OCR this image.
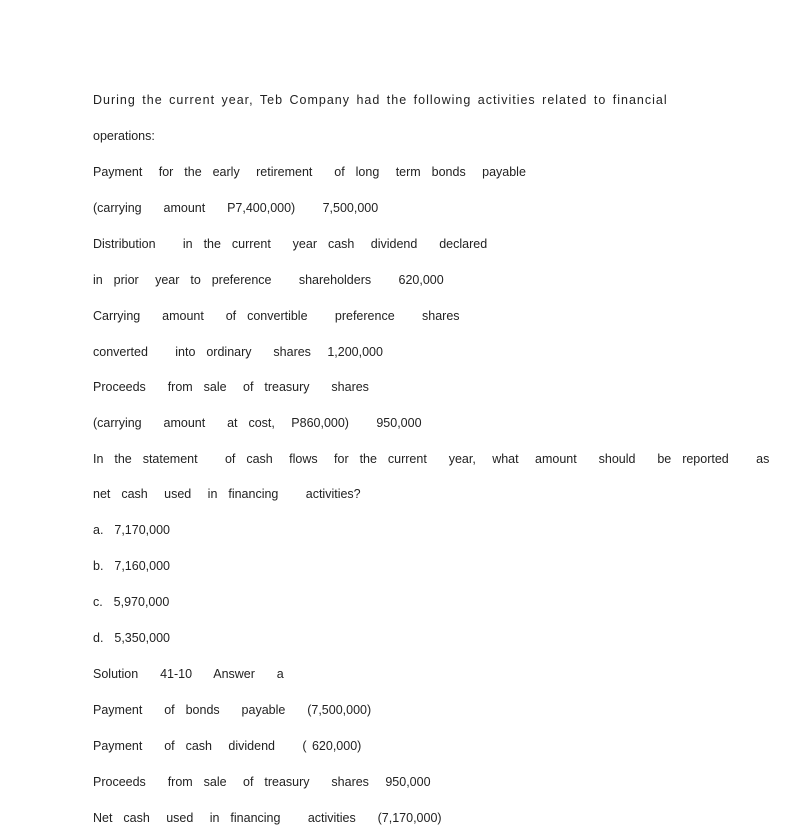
During the current year, Teb Company had the following activities related to financial
operations:
Payment   for  the  early   retirement    of  long   term  bonds   payable
(carrying    amount    P7,400,000)     7,500,000
Distribution     in  the  current    year  cash   dividend    declared
in  prior   year  to  preference     shareholders     620,000
Carrying    amount    of  convertible     preference     shares
converted     into  ordinary    shares   1,200,000
Proceeds    from  sale   of  treasury    shares
(carrying    amount    at  cost,   P860,000)     950,000
In  the  statement     of  cash   flows   for  the  current    year,   what   amount    should    be  reported     as
net  cash   used   in  financing     activities?
a.  7,170,000
b.  7,160,000
c.  5,970,000
d.  5,350,000
Solution    41-10    Answer    a
Payment    of  bonds    payable    (7,500,000)
Payment    of  cash   dividend     ( 620,000)
Proceeds    from  sale   of  treasury    shares   950,000
Net  cash   used   in  financing     activities    (7,170,000)
